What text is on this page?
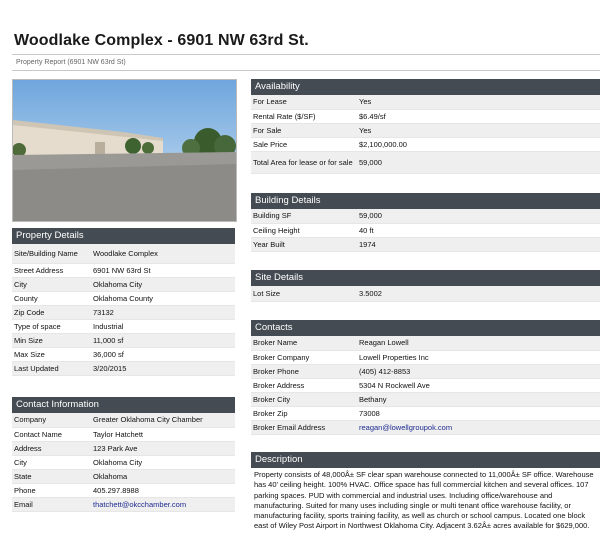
Woodlake Complex - 6901 NW 63rd St.
Property Report (6901 NW 63rd St)
Property Details
Site/Building Name	Woodlake Complex
Street Address	6901 NW 63rd St
City	Oklahoma City
County	Oklahoma County
Zip Code	73132
Type of space	Industrial
Min Size	11,000 sf
Max Size	36,000 sf
Last Updated	3/20/2015
Contact Information
Company	Greater Oklahoma City Chamber
Contact Name	Taylor Hatchett
Address	123 Park Ave
City	Oklahoma City
State	Oklahoma
Phone	405.297.8988
Email	thatchett@okcchamber.com
Availability
For Lease	Yes
Rental Rate ($/SF)	$6.49/sf
For Sale	Yes
Sale Price	$2,100,000.00
Total Area for lease or for sale	59,000
Building Details
Building SF	59,000
Ceiling Height	40 ft
Year Built	1974
Site Details
Lot Size	3.5002
Contacts
Broker Name	Reagan Lowell
Broker Company	Lowell Properties Inc
Broker Phone	(405) 412-8853
Broker Address	5304 N Rockwell Ave
Broker City	Bethany
Broker Zip	73008
Broker Email Address	reagan@lowellgroupok.com
Description
Property consists of 48,000Â± SF clear span warehouse connected to 11,000Â± SF office. Warehouse has 40' ceiling height. 100% HVAC. Office space has full commercial kitchen and several offices. 107 parking spaces. PUD with commercial and industrial uses. Including office/warehouse and manufacturing. Suited for many uses including single or multi tenant office warehouse facility, or manufacturing facility, sports training facility, as well as church or school campus. Located one block east of Wiley Post Airport in Northwest Oklahoma City. Adjacent 3.62Â± acres available for $629,000.
